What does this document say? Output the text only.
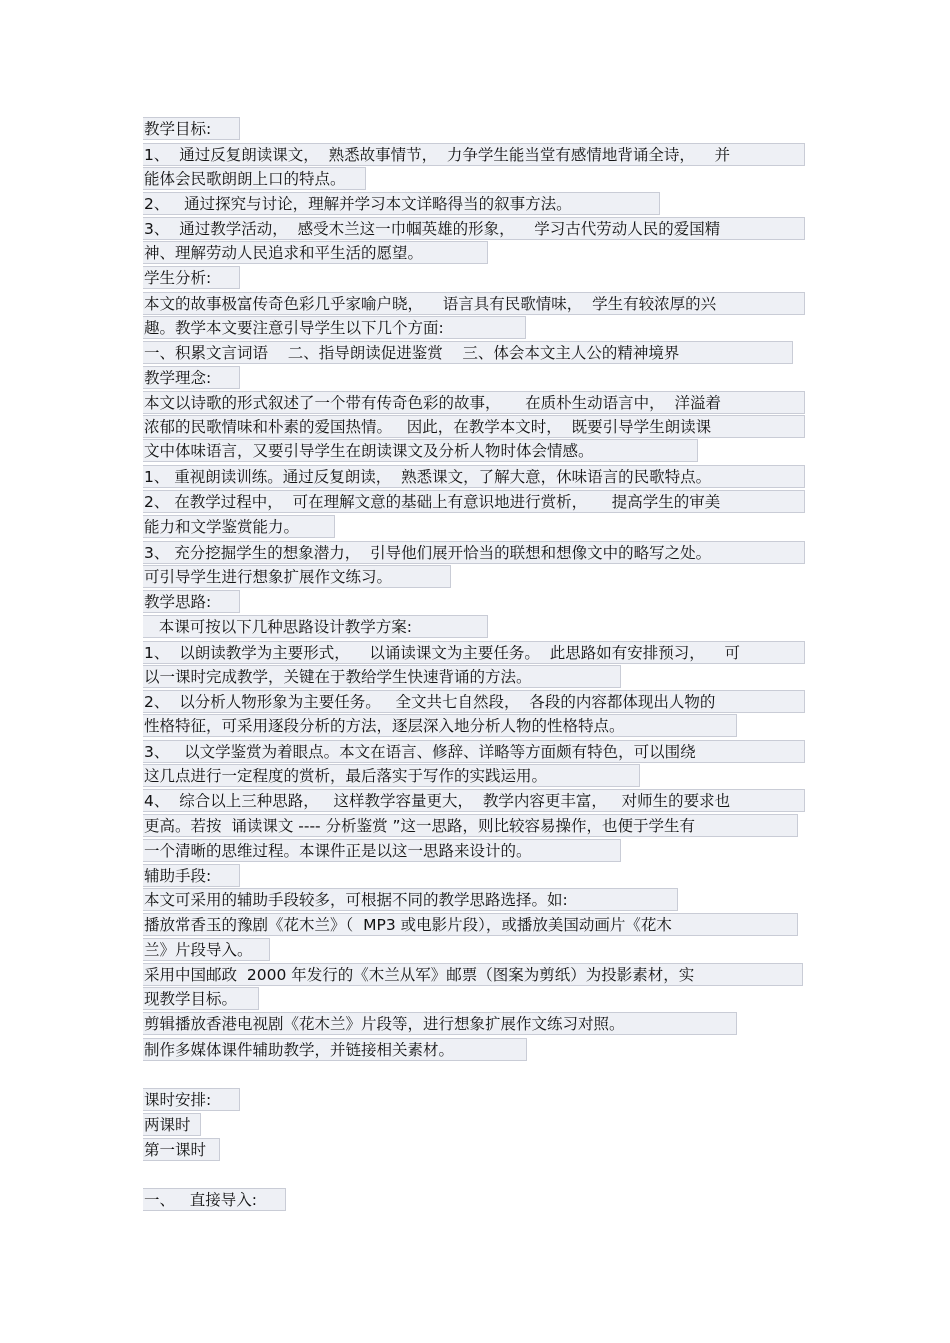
教学目标:
1、  通过反复朗读课文，  熟悉故事情节，  力争学生能当堂有感情地背诵全诗，    并
能体会民歌朗朗上口的特点。
2、   通过探究与讨论，理解并学习本文详略得当的叙事方法。
3、  通过教学活动，  感受木兰这一巾帼英雄的形象，    学习古代劳动人民的爱国精
神、理解劳动人民追求和平生活的愿望。
学生分析:
本文的故事极富传奇色彩几乎家喻户晓，    语言具有民歌情味，  学生有较浓厚的兴
趣。教学本文要注意引导学生以下几个方面:
一、积累文言词语    二、指导朗读促进鉴赏    三、体会本文主人公的精神境界
教学理念:
本文以诗歌的形式叙述了一个带有传奇色彩的故事，     在质朴生动语言中，  洋溢着
浓郁的民歌情味和朴素的爱国热情。   因此，在教学本文时，  既要引导学生朗读课
文中体味语言，又要引导学生在朗读课文及分析人物时体会情感。
1、 重视朗读训练。通过反复朗读，  熟悉课文，了解大意，休味语言的民歌特点。
2、 在教学过程中，  可在理解文意的基础上有意识地进行赏析，     提高学生的审美
能力和文学鉴赏能力。
3、 充分挖掘学生的想象潜力，  引导他们展开恰当的联想和想像文中的略写之处。
可引导学生进行想象扩展作文练习。
教学思路:
本课可按以下几种思路设计教学方案:
1、  以朗读教学为主要形式，    以诵读课文为主要任务。  此思路如有安排预习，    可
以一课时完成教学，关键在于教给学生快速背诵的方法。
2、  以分析人物形象为主要任务。   全文共七自然段，  各段的内容都体现出人物的
性格特征，可采用逐段分析的方法，逐层深入地分析人物的性格特点。
3、   以文学鉴赏为着眼点。本文在语言、修辞、详略等方面颇有特色，可以围绕
这几点进行一定程度的赏析，最后落实于写作的实践运用。
4、  综合以上三种思路，   这样教学容量更大，  教学内容更丰富，   对师生的要求也
更高。若按  诵读课文 ---- 分析鉴赏 ”这一思路，则比较容易操作，也便于学生有
一个清晰的思维过程。本课件正是以这一思路来设计的。
辅助手段:
本文可采用的辅助手段较多，可根据不同的教学思路选择。如:
播放常香玉的豫剧《花木兰》（  MP3 或电影片段），或播放美国动画片《花木
兰》片段导入。
采用中国邮政  2000 年发行的《木兰从军》邮票（图案为剪纸）为投影素材，实
现教学目标。
剪辑播放香港电视剧《花木兰》片段等，进行想象扩展作文练习对照。
制作多媒体课件辅助教学，并链接相关素材。
课时安排:
两课时
第一课时
一、   直接导入:
